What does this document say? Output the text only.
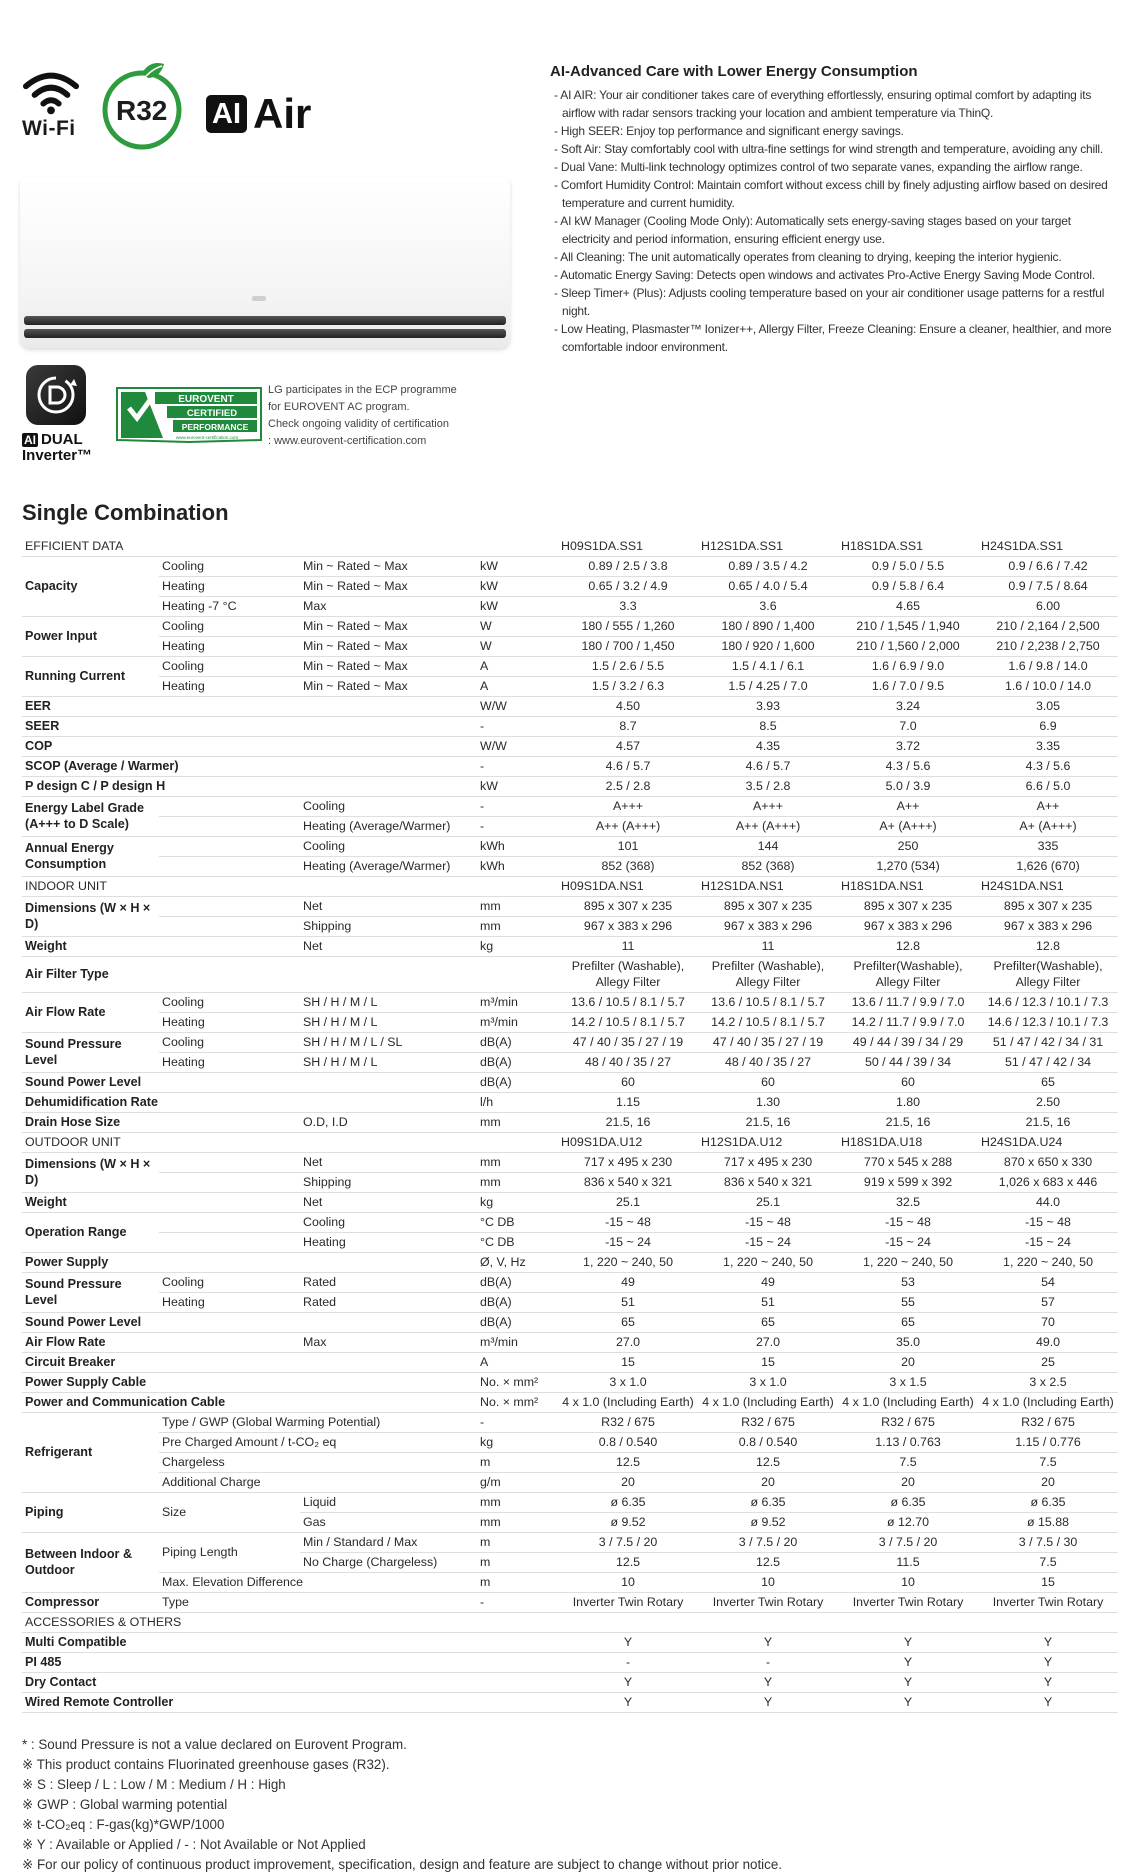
Wi-Fi
R32 AI Air
AI DUAL
Inverter™
EUROVENT
CERTIFIED
PERFORMANCE
www.eurovent-certification.com
LG participates in the ECP programme
for EUROVENT AC program.
Check ongoing validity of certification
: www.eurovent-certification.com
AI-Advanced Care with Lower Energy Consumption
- AI AIR: Your air conditioner takes care of everything effortlessly, ensuring optimal comfort by adapting its airflow with radar sensors tracking your location and ambient temperature via ThinQ.
- High SEER: Enjoy top performance and significant energy savings.
- Soft Air: Stay comfortably cool with ultra-fine settings for wind strength and temperature, avoiding any chill.
- Dual Vane: Multi-link technology optimizes control of two separate vanes, expanding the airflow range.
- Comfort Humidity Control: Maintain comfort without excess chill by finely adjusting airflow based on desired temperature and current humidity.
- AI kW Manager (Cooling Mode Only): Automatically sets energy-saving stages based on your target electricity and period information, ensuring efficient energy use.
- All Cleaning: The unit automatically operates from cleaning to drying, keeping the interior hygienic.
- Automatic Energy Saving: Detects open windows and activates Pro-Active Energy Saving Mode Control.
- Sleep Timer+ (Plus): Adjusts cooling temperature based on your air conditioner usage patterns for a restful night.
- Low Heating, Plasmaster™ Ionizer++, Allergy Filter, Freeze Cleaning: Ensure a cleaner, healthier, and more comfortable indoor environment.
Single Combination
EFFICIENT DATA				H09S1DA.SS1	H12S1DA.SS1	H18S1DA.SS1	H24S1DA.SS1
Capacity	Cooling	Min ~ Rated ~ Max	kW	0.89 / 2.5 / 3.8	0.89 / 3.5 / 4.2	0.9 / 5.0 / 5.5	0.9 / 6.6 / 7.42
	Heating	Min ~ Rated ~ Max	kW	0.65 / 3.2 / 4.9	0.65 / 4.0 / 5.4	0.9 / 5.8 / 6.4	0.9 / 7.5 / 8.64
	Heating -7 °C	Max	kW	3.3	3.6	4.65	6.00
Power Input	Cooling	Min ~ Rated ~ Max	W	180 / 555 / 1,260	180 / 890 / 1,400	210 / 1,545 / 1,940	210 / 2,164 / 2,500
	Heating	Min ~ Rated ~ Max	W	180 / 700 / 1,450	180 / 920 / 1,600	210 / 1,560 / 2,000	210 / 2,238 / 2,750
Running Current	Cooling	Min ~ Rated ~ Max	A	1.5 / 2.6 / 5.5	1.5 / 4.1 / 6.1	1.6 / 6.9 / 9.0	1.6 / 9.8 / 14.0
	Heating	Min ~ Rated ~ Max	A	1.5 / 3.2 / 6.3	1.5 / 4.25 / 7.0	1.6 / 7.0 / 9.5	1.6 / 10.0 / 14.0
EER			W/W	4.50	3.93	3.24	3.05
SEER			-	8.7	8.5	7.0	6.9
COP			W/W	4.57	4.35	3.72	3.35
SCOP (Average / Warmer)			-	4.6 / 5.7	4.6 / 5.7	4.3 / 5.6	4.3 / 5.6
P design C / P design H			kW	2.5 / 2.8	3.5 / 2.8	5.0 / 3.9	6.6 / 5.0
Energy Label Grade (A+++ to D Scale)		Cooling	-	A+++	A+++	A++	A++
		Heating (Average/Warmer)	-	A++ (A+++)	A++ (A+++)	A+ (A+++)	A+ (A+++)
Annual Energy Consumption		Cooling	kWh	101	144	250	335
		Heating (Average/Warmer)	kWh	852 (368)	852 (368)	1,270 (534)	1,626 (670)
INDOOR UNIT				H09S1DA.NS1	H12S1DA.NS1	H18S1DA.NS1	H24S1DA.NS1
Dimensions (W × H × D)		Net	mm	895 x 307 x 235	895 x 307 x 235	895 x 307 x 235	895 x 307 x 235
		Shipping	mm	967 x 383 x 296	967 x 383 x 296	967 x 383 x 296	967 x 383 x 296
Weight		Net	kg	11	11	12.8	12.8
Air Filter Type				Prefilter (Washable), Allegy Filter	Prefilter (Washable), Allegy Filter	Prefilter(Washable), Allegy Filter	Prefilter(Washable), Allegy Filter
Air Flow Rate	Cooling	SH / H / M / L	m³/min	13.6 / 10.5 / 8.1 / 5.7	13.6 / 10.5 / 8.1 / 5.7	13.6 / 11.7 / 9.9 / 7.0	14.6 / 12.3 / 10.1 / 7.3
	Heating	SH / H / M / L	m³/min	14.2 / 10.5 / 8.1 / 5.7	14.2 / 10.5 / 8.1 / 5.7	14.2 / 11.7 / 9.9 / 7.0	14.6 / 12.3 / 10.1 / 7.3
Sound Pressure Level	Cooling	SH / H / M / L / SL	dB(A)	47 / 40 / 35 / 27 / 19	47 / 40 / 35 / 27 / 19	49 / 44 / 39 / 34 / 29	51 / 47 / 42 / 34 / 31
	Heating	SH / H / M / L	dB(A)	48 / 40 / 35 / 27	48 / 40 / 35 / 27	50 / 44 / 39 / 34	51 / 47 / 42 / 34
Sound Power Level			dB(A)	60	60	60	65
Dehumidification Rate			l/h	1.15	1.30	1.80	2.50
Drain Hose Size		O.D, I.D	mm	21.5, 16	21.5, 16	21.5, 16	21.5, 16
OUTDOOR UNIT				H09S1DA.U12	H12S1DA.U12	H18S1DA.U18	H24S1DA.U24
Dimensions (W × H × D)		Net	mm	717 x 495 x 230	717 x 495 x 230	770 x 545 x 288	870 x 650 x 330
		Shipping	mm	836 x 540 x 321	836 x 540 x 321	919 x 599 x 392	1,026 x 683 x 446
Weight		Net	kg	25.1	25.1	32.5	44.0
Operation Range		Cooling	°C DB	-15 ~ 48	-15 ~ 48	-15 ~ 48	-15 ~ 48
		Heating	°C DB	-15 ~ 24	-15 ~ 24	-15 ~ 24	-15 ~ 24
Power Supply			Ø, V, Hz	1, 220 ~ 240, 50	1, 220 ~ 240, 50	1, 220 ~ 240, 50	1, 220 ~ 240, 50
Sound Pressure Level	Cooling	Rated	dB(A)	49	49	53	54
	Heating	Rated	dB(A)	51	51	55	57
Sound Power Level			dB(A)	65	65	65	70
Air Flow Rate		Max	m³/min	27.0	27.0	35.0	49.0
Circuit Breaker			A	15	15	20	25
Power Supply Cable			No. × mm²	3 x 1.0	3 x 1.0	3 x 1.5	3 x 2.5
Power and Communication Cable			No. × mm²	4 x 1.0 (Including Earth)	4 x 1.0 (Including Earth)	4 x 1.0 (Including Earth)	4 x 1.0 (Including Earth)
Refrigerant	Type / GWP (Global Warming Potential)		-	R32 / 675	R32 / 675	R32 / 675	R32 / 675
	Pre Charged Amount / t-CO₂ eq		kg	0.8 / 0.540	0.8 / 0.540	1.13 / 0.763	1.15 / 0.776
	Chargeless		m	12.5	12.5	7.5	7.5
	Additional Charge		g/m	20	20	20	20
Piping	Size	Liquid	mm	ø 6.35	ø 6.35	ø 6.35	ø 6.35
		Gas	mm	ø 9.52	ø 9.52	ø 12.70	ø 15.88
Between Indoor & Outdoor	Piping Length	Min / Standard / Max	m	3 / 7.5 / 20	3 / 7.5 / 20	3 / 7.5 / 20	3 / 7.5 / 30
		No Charge (Chargeless)	m	12.5	12.5	11.5	7.5
	Max. Elevation Difference		m	10	10	10	15
Compressor	Type		-	Inverter Twin Rotary	Inverter Twin Rotary	Inverter Twin Rotary	Inverter Twin Rotary
ACCESSORIES & OTHERS							
Multi Compatible				Y	Y	Y	Y
PI 485				-	-	Y	Y
Dry Contact				Y	Y	Y	Y
Wired Remote Controller				Y	Y	Y	Y
* : Sound Pressure is not a value declared on Eurovent Program.
※ This product contains Fluorinated greenhouse gases (R32).
※ S : Sleep / L : Low / M : Medium / H : High
※ GWP : Global warming potential
※ t-CO₂eq : F-gas(kg)*GWP/1000
※ Y : Available or Applied / - : Not Available or Not Applied
※ For our policy of continuous product improvement, specification, design and feature are subject to change without prior notice.
